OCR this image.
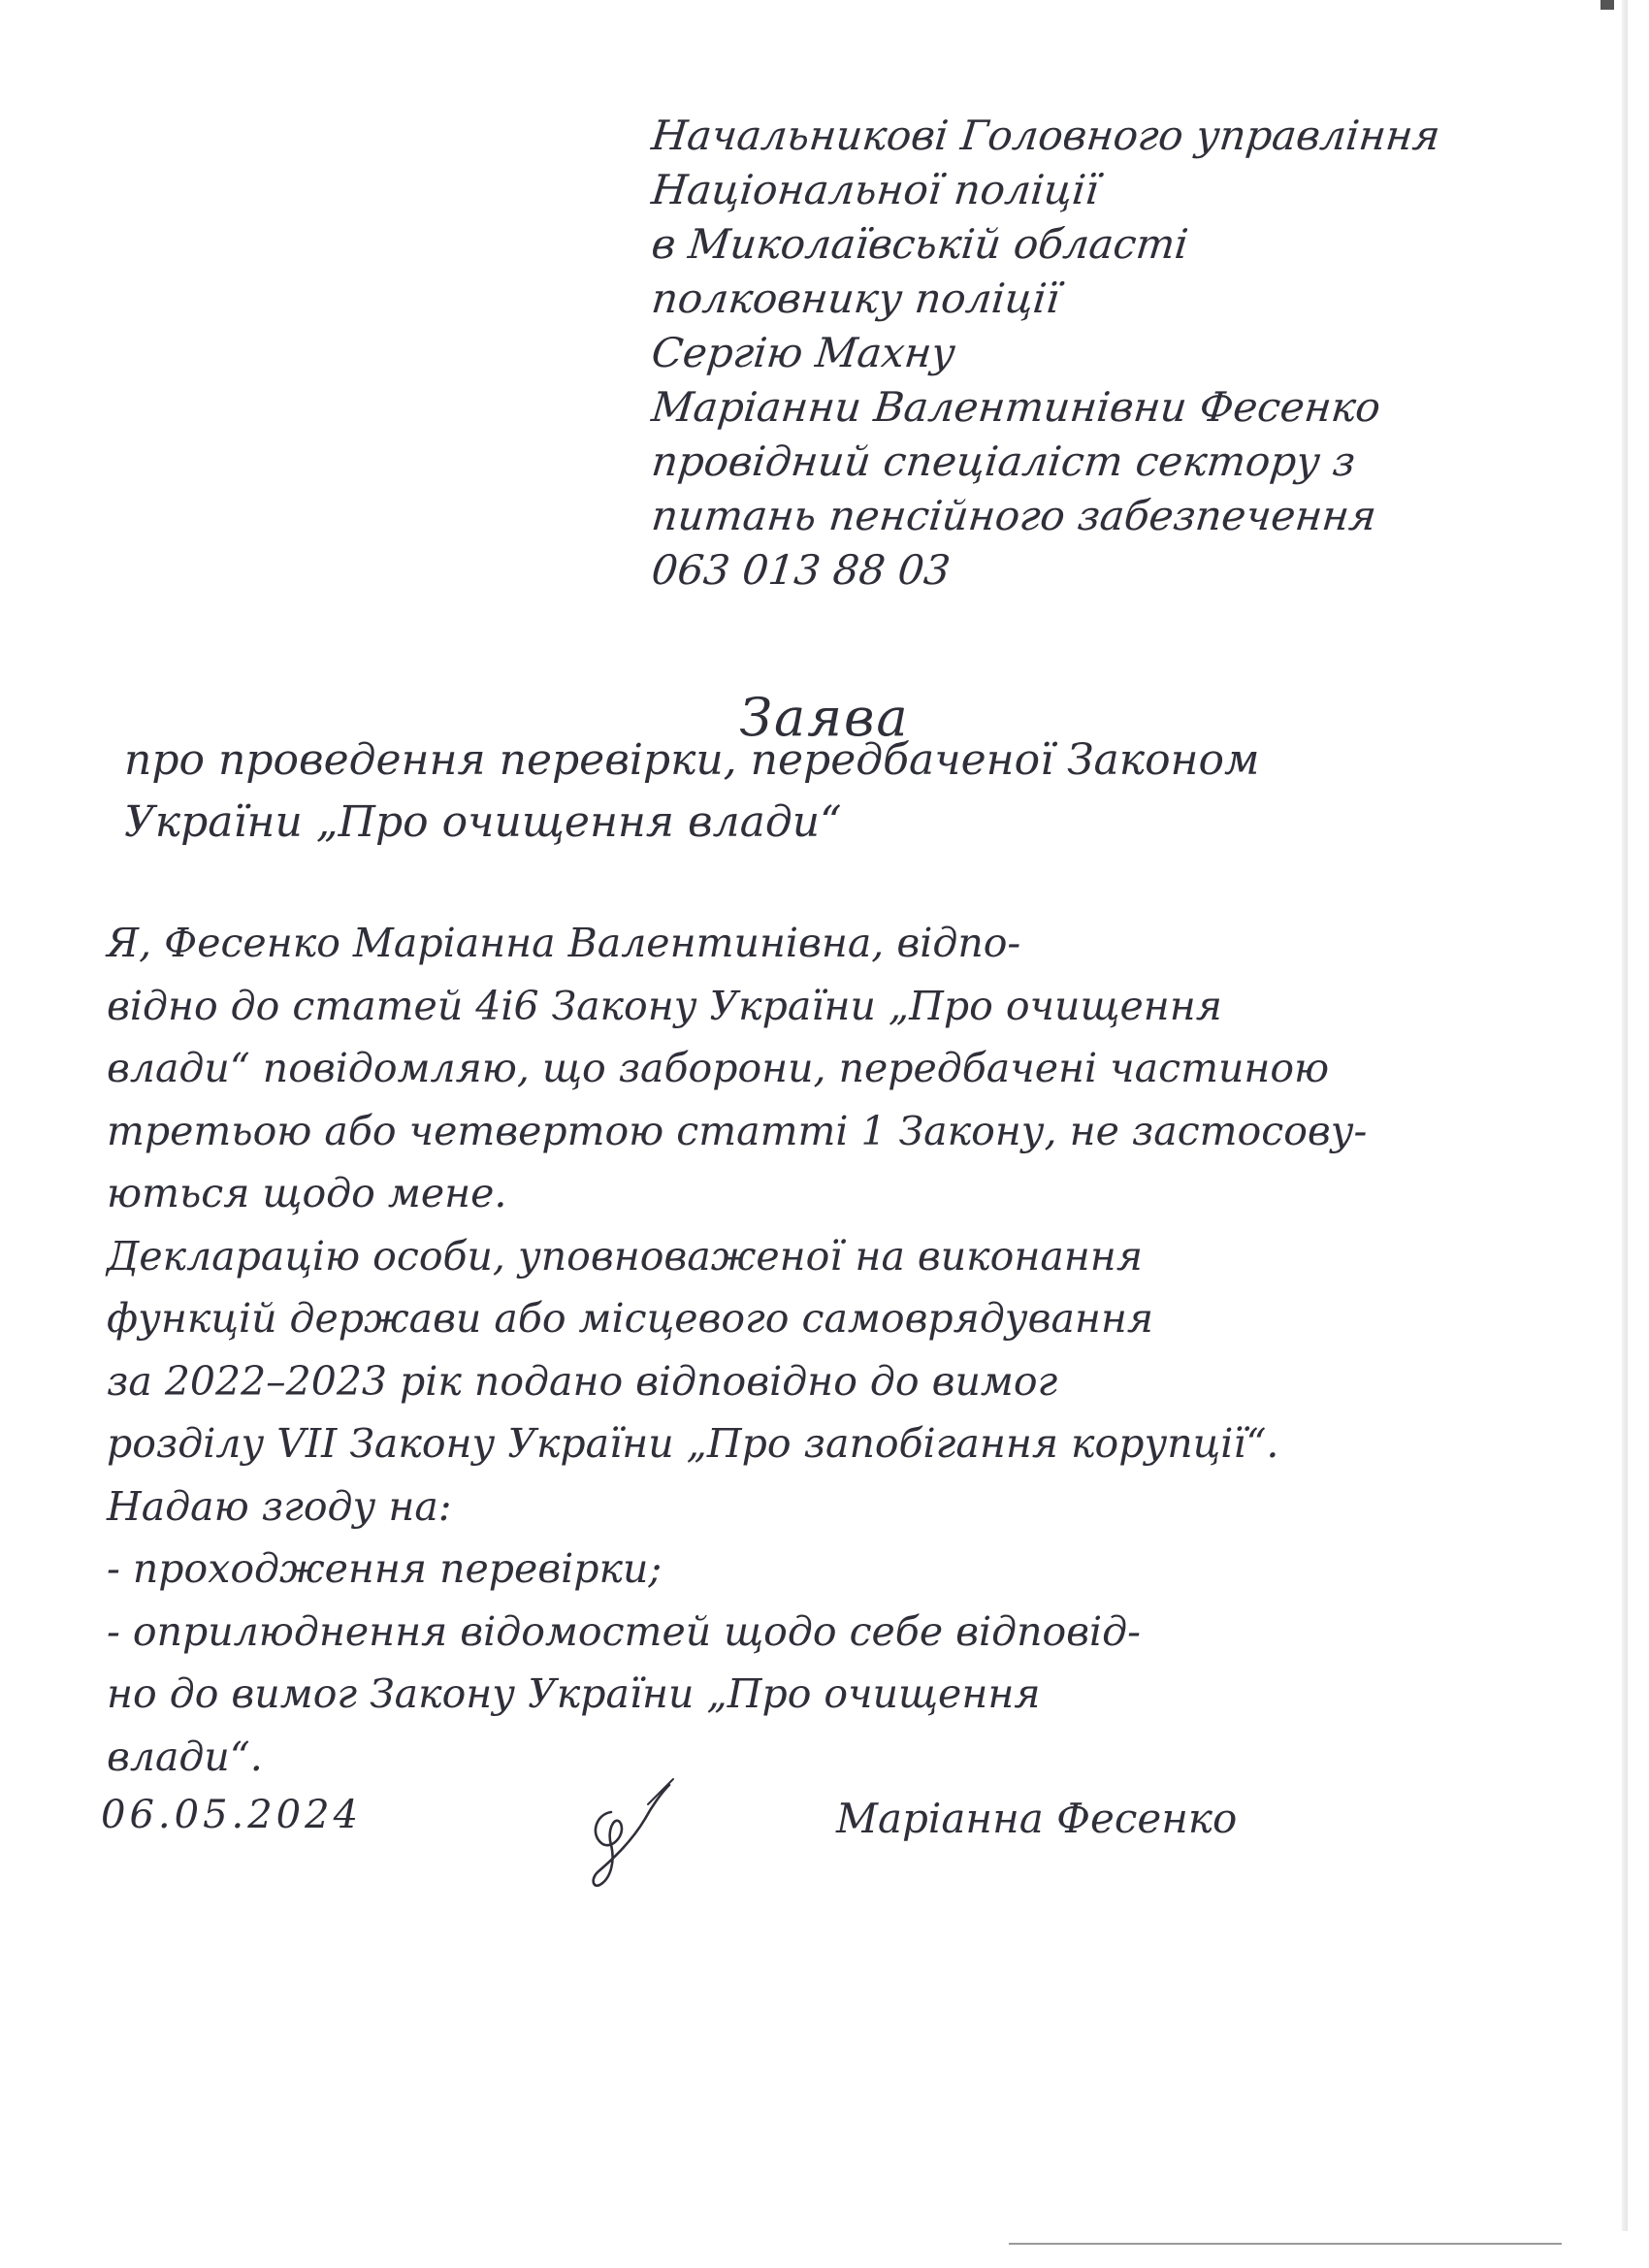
Начальникові Головного управління
Національної поліції
в Миколаївській області
полковнику поліції
Сергію Махну
Маріанни Валентинівни Фесенко
провідний спеціаліст сектору з
питань пенсійного забезпечення
063 013 88 03
Заява
про проведення перевірки, передбаченої Законом
України „Про очищення влади“
Я, Фесенко Маріанна Валентинівна, відпо-
відно до статей 4і6 Закону України „Про очищення
влади“ повідомляю, що заборони, передбачені частиною
третьою або четвертою статті 1 Закону, не застосову-
ються щодо мене.
Декларацію особи, уповноваженої на виконання
функцій держави або місцевого самоврядування
за 2022–2023 рік подано відповідно до вимог
розділу VII Закону України „Про запобігання корупції“.
Надаю згоду на:
- проходження перевірки;
- оприлюднення відомостей щодо себе відповід-
но до вимог Закону України „Про очищення
влади“.
06.05.2024	Маріанна Фесенко
